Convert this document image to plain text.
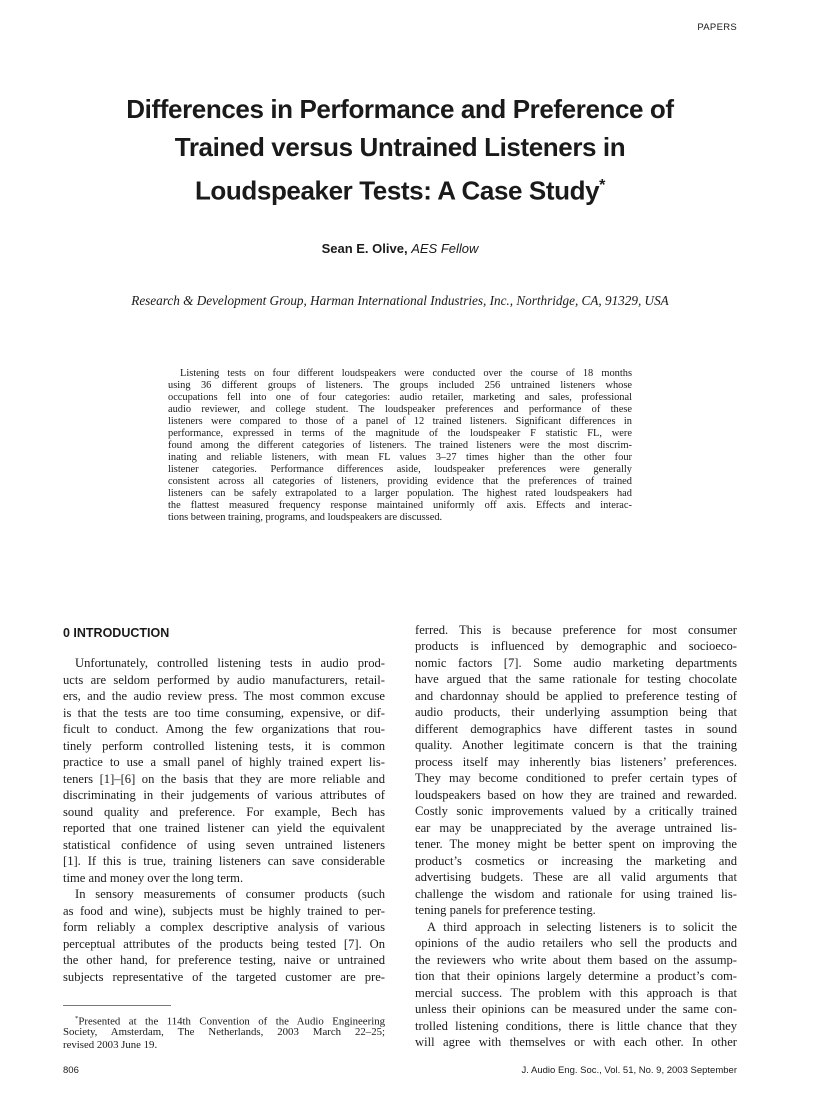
PAPERS
Differences in Performance and Preference of
Trained versus Untrained Listeners in
Loudspeaker Tests: A Case Study*
Sean E. Olive, AES Fellow
Research & Development Group, Harman International Industries, Inc., Northridge, CA, 91329, USA
Listening tests on four different loudspeakers were conducted over the course of 18 months
using 36 different groups of listeners. The groups included 256 untrained listeners whose
occupations fell into one of four categories: audio retailer, marketing and sales, professional
audio reviewer, and college student. The loudspeaker preferences and performance of these
listeners were compared to those of a panel of 12 trained listeners. Significant differences in
performance, expressed in terms of the magnitude of the loudspeaker F statistic FL, were
found among the different categories of listeners. The trained listeners were the most discrim-
inating and reliable listeners, with mean FL values 3–27 times higher than the other four
listener categories. Performance differences aside, loudspeaker preferences were generally
consistent across all categories of listeners, providing evidence that the preferences of trained
listeners can be safely extrapolated to a larger population. The highest rated loudspeakers had
the flattest measured frequency response maintained uniformly off axis. Effects and interac-
tions between training, programs, and loudspeakers are discussed.
0 INTRODUCTION
Unfortunately, controlled listening tests in audio prod-
ucts are seldom performed by audio manufacturers, retail-
ers, and the audio review press. The most common excuse
is that the tests are too time consuming, expensive, or dif-
ficult to conduct. Among the few organizations that rou-
tinely perform controlled listening tests, it is common
practice to use a small panel of highly trained expert lis-
teners [1]–[6] on the basis that they are more reliable and
discriminating in their judgements of various attributes of
sound quality and preference. For example, Bech has
reported that one trained listener can yield the equivalent
statistical confidence of using seven untrained listeners
[1]. If this is true, training listeners can save considerable
time and money over the long term.
In sensory measurements of consumer products (such
as food and wine), subjects must be highly trained to per-
form reliably a complex descriptive analysis of various
perceptual attributes of the products being tested [7]. On
the other hand, for preference testing, naive or untrained
subjects representative of the targeted customer are pre-
*Presented at the 114th Convention of the Audio Engineering
Society, Amsterdam, The Netherlands, 2003 March 22–25;
revised 2003 June 19.
ferred. This is because preference for most consumer
products is influenced by demographic and socioeco-
nomic factors [7]. Some audio marketing departments
have argued that the same rationale for testing chocolate
and chardonnay should be applied to preference testing of
audio products, their underlying assumption being that
different demographics have different tastes in sound
quality. Another legitimate concern is that the training
process itself may inherently bias listeners’ preferences.
They may become conditioned to prefer certain types of
loudspeakers based on how they are trained and rewarded.
Costly sonic improvements valued by a critically trained
ear may be unappreciated by the average untrained lis-
tener. The money might be better spent on improving the
product’s cosmetics or increasing the marketing and
advertising budgets. These are all valid arguments that
challenge the wisdom and rationale for using trained lis-
tening panels for preference testing.
A third approach in selecting listeners is to solicit the
opinions of the audio retailers who sell the products and
the reviewers who write about them based on the assump-
tion that their opinions largely determine a product’s com-
mercial success. The problem with this approach is that
unless their opinions can be measured under the same con-
trolled listening conditions, there is little chance that they
will agree with themselves or with each other. In other
806	J. Audio Eng. Soc., Vol. 51, No. 9, 2003 September
